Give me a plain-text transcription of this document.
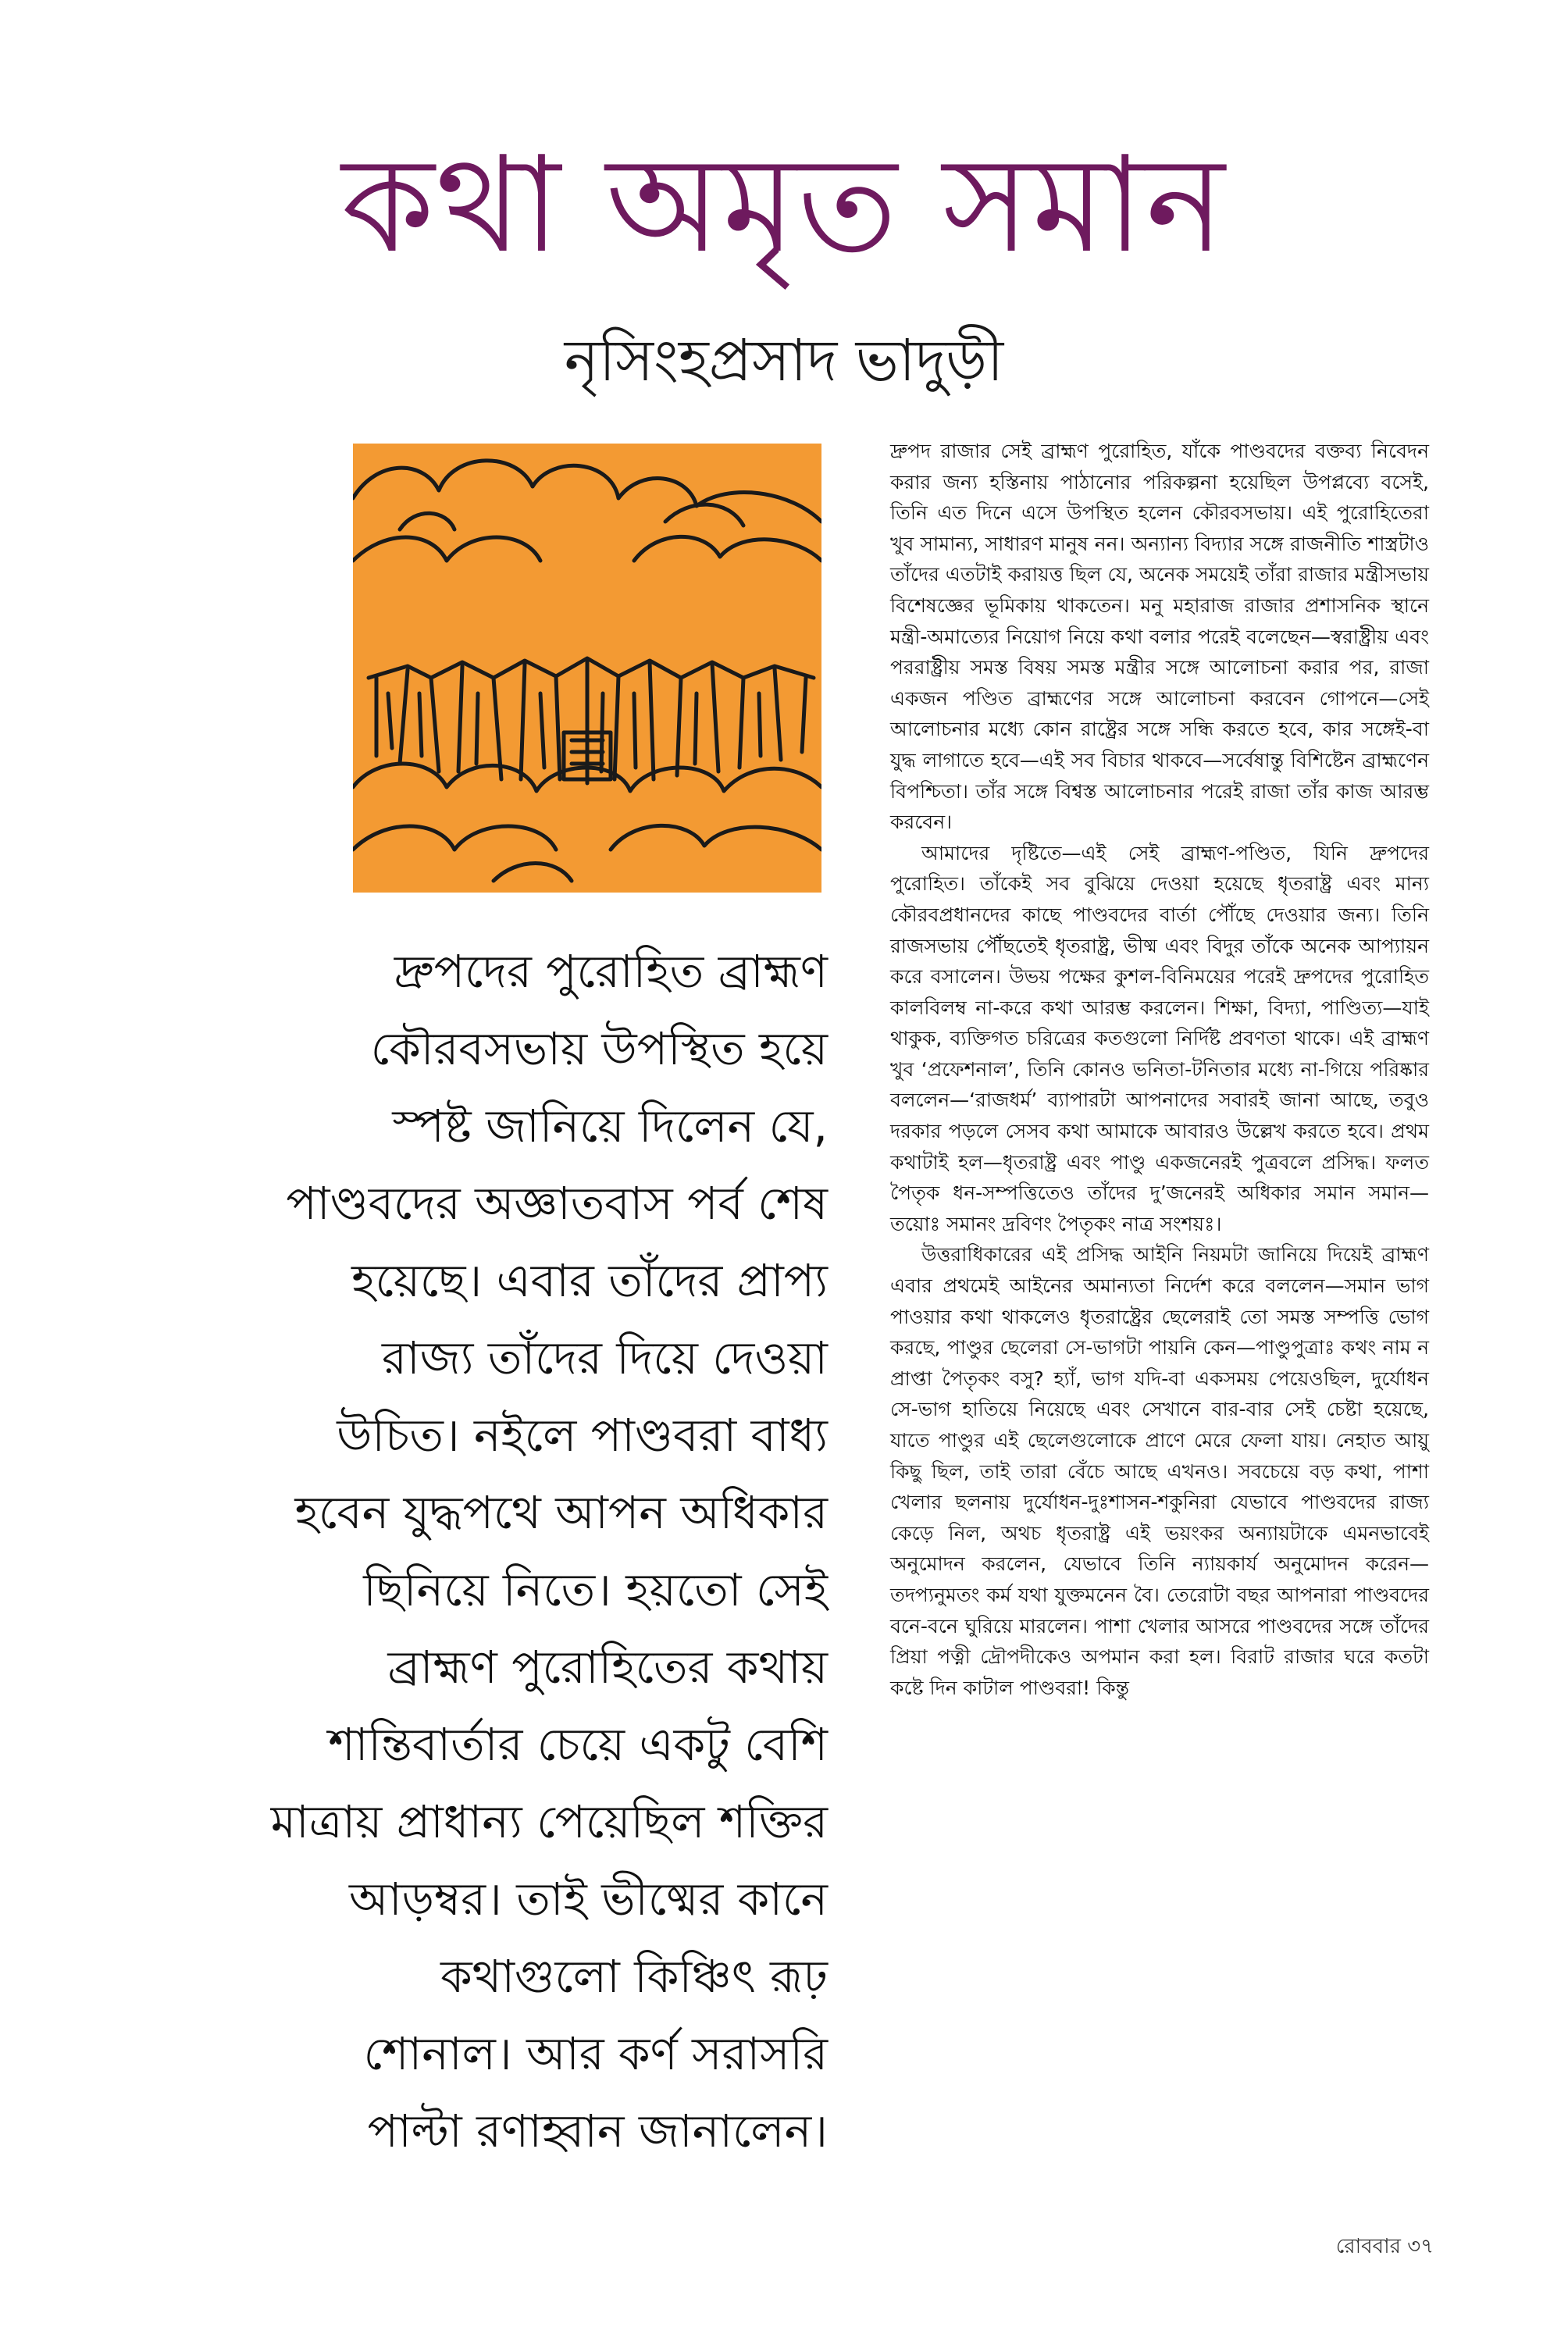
কথা অমৃত সমান
নৃসিংহপ্রসাদ ভাদুড়ী
দ্রুপদের পুরোহিত ব্রাহ্মণ
কৌরবসভায় উপস্থিত হয়ে
স্পষ্ট জানিয়ে দিলেন যে,
পাণ্ডবদের অজ্ঞাতবাস পর্ব শেষ
হয়েছে। এবার তাঁদের প্রাপ্য
রাজ্য তাঁদের দিয়ে দেওয়া
উচিত। নইলে পাণ্ডবরা বাধ্য
হবেন যুদ্ধপথে আপন অধিকার
ছিনিয়ে নিতে। হয়তো সেই
ব্রাহ্মণ পুরোহিতের কথায়
শান্তিবার্তার চেয়ে একটু বেশি
মাত্রায় প্রাধান্য পেয়েছিল শক্তির
আড়ম্বর। তাই ভীষ্মের কানে
কথাগুলো কিঞ্চিৎ রূঢ়
শোনাল। আর কর্ণ সরাসরি
পাল্টা রণাহ্বান জানালেন।

দ্রুপদ রাজার সেই ব্রাহ্মণ পুরোহিত, যাঁকে পাণ্ডবদের বক্তব্য নিবেদন করার জন্য হস্তিনায় পাঠানোর পরিকল্পনা হয়েছিল উপপ্লব্যে বসেই, তিনি এত দিনে এসে উপস্থিত হলেন কৌরবসভায়। এই পুরোহিতেরা খুব সামান্য, সাধারণ মানুষ নন। অন্যান্য বিদ্যার সঙ্গে রাজনীতি শাস্ত্রটাও তাঁদের এতটাই করায়ত্ত ছিল যে, অনেক সময়েই তাঁরা রাজার মন্ত্রীসভায় বিশেষজ্ঞের ভূমিকায় থাকতেন। মনু মহারাজ রাজার প্রশাসনিক স্থানে মন্ত্রী-অমাত্যের নিয়োগ নিয়ে কথা বলার পরেই বলেছেন—স্বরাষ্ট্রীয় এবং পররাষ্ট্রীয় সমস্ত বিষয় সমস্ত মন্ত্রীর সঙ্গে আলোচনা করার পর, রাজা একজন পণ্ডিত ব্রাহ্মণের সঙ্গে আলোচনা করবেন গোপনে—সেই আলোচনার মধ্যে কোন রাষ্ট্রের সঙ্গে সন্ধি করতে হবে, কার সঙ্গেই-বা যুদ্ধ লাগাতে হবে—এই সব বিচার থাকবে—সর্বেষান্তু বিশিষ্টেন ব্রাহ্মণেন বিপশ্চিতা। তাঁর সঙ্গে বিশ্বস্ত আলোচনার পরেই রাজা তাঁর কাজ আরম্ভ করবেন।

আমাদের দৃষ্টিতে—এই সেই ব্রাহ্মণ-পণ্ডিত, যিনি দ্রুপদের পুরোহিত। তাঁকেই সব বুঝিয়ে দেওয়া হয়েছে ধৃতরাষ্ট্র এবং মান্য কৌরবপ্রধানদের কাছে পাণ্ডবদের বার্তা পৌঁছে দেওয়ার জন্য। তিনি রাজসভায় পৌঁছতেই ধৃতরাষ্ট্র, ভীষ্ম এবং বিদুর তাঁকে অনেক আপ্যায়ন করে বসালেন। উভয় পক্ষের কুশল-বিনিময়ের পরেই দ্রুপদের পুরোহিত কালবিলম্ব না-করে কথা আরম্ভ করলেন। শিক্ষা, বিদ্যা, পাণ্ডিত্য—যাই থাকুক, ব্যক্তিগত চরিত্রের কতগুলো নির্দিষ্ট প্রবণতা থাকে। এই ব্রাহ্মণ খুব ‘প্রফেশনাল’, তিনি কোনও ভনিতা-টনিতার মধ্যে না-গিয়ে পরিষ্কার বললেন—‘রাজধর্ম’ ব্যাপারটা আপনাদের সবারই জানা আছে, তবুও দরকার পড়লে সেসব কথা আমাকে আবারও উল্লেখ করতে হবে। প্রথম কথাটাই হল—ধৃতরাষ্ট্র এবং পাণ্ডু একজনেরই পুত্রবলে প্রসিদ্ধ। ফলত পৈতৃক ধন-সম্পত্তিতেও তাঁদের দু’জনেরই অধিকার সমান সমান—তয়োঃ সমানং দ্রবিণং পৈতৃকং নাত্র সংশয়ঃ।

উত্তরাধিকারের এই প্রসিদ্ধ আইনি নিয়মটা জানিয়ে দিয়েই ব্রাহ্মণ এবার প্রথমেই আইনের অমান্যতা নির্দেশ করে বললেন—সমান ভাগ পাওয়ার কথা থাকলেও ধৃতরাষ্ট্রের ছেলেরাই তো সমস্ত সম্পত্তি ভোগ করছে, পাণ্ডুর ছেলেরা সে-ভাগটা পায়নি কেন—পাণ্ডুপুত্রাঃ কথং নাম ন প্রাপ্তা পৈতৃকং বসু? হ্যাঁ, ভাগ যদি-বা একসময় পেয়েওছিল, দুর্যোধন সে-ভাগ হাতিয়ে নিয়েছে এবং সেখানে বার-বার সেই চেষ্টা হয়েছে, যাতে পাণ্ডুর এই ছেলেগুলোকে প্রাণে মেরে ফেলা যায়। নেহাত আয়ু কিছু ছিল, তাই তারা বেঁচে আছে এখনও। সবচেয়ে বড় কথা, পাশা খেলার ছলনায় দুর্যোধন-দুঃশাসন-শকুনিরা যেভাবে পাণ্ডবদের রাজ্য কেড়ে নিল, অথচ ধৃতরাষ্ট্র এই ভয়ংকর অন্যায়টাকে এমনভাবেই অনুমোদন করলেন, যেভাবে তিনি ন্যায়কার্য অনুমোদন করেন—তদপ্যনুমতং কর্ম যথা যুক্তমনেন বৈ। তেরোটা বছর আপনারা পাণ্ডবদের বনে-বনে ঘুরিয়ে মারলেন। পাশা খেলার আসরে পাণ্ডবদের সঙ্গে তাঁদের প্রিয়া পত্নী দ্রৌপদীকেও অপমান করা হল। বিরাট রাজার ঘরে কতটা কষ্টে দিন কাটাল পাণ্ডবরা! কিন্তু

রোববার ৩৭
